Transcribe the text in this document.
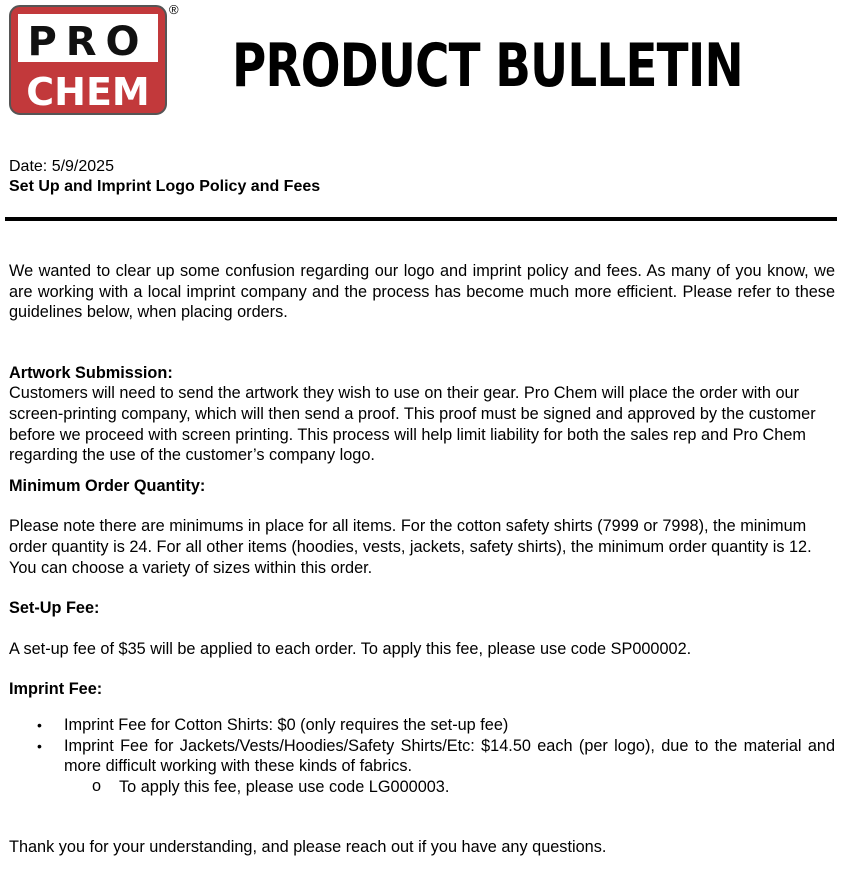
PRO
CHEM
®
PRODUCT BULLETIN
Date: 5/9/2025
Set Up and Imprint Logo Policy and Fees

We wanted to clear up some confusion regarding our logo and imprint policy and fees. As many of you know, we are working with a local imprint company and the process has become much more efficient. Please refer to these guidelines below, when placing orders.

Artwork Submission:

Customers will need to send the artwork they wish to use on their gear. Pro Chem will place the order with our screen-printing company, which will then send a proof. This proof must be signed and approved by the customer before we proceed with screen printing. This process will help limit liability for both the sales rep and Pro Chem regarding the use of the customer’s company logo.

Minimum Order Quantity:

Please note there are minimums in place for all items. For the cotton safety shirts (7999 or 7998), the minimum order quantity is 24. For all other items (hoodies, vests, jackets, safety shirts), the minimum order quantity is 12. You can choose a variety of sizes within this order.

Set-Up Fee:

A set-up fee of $35 will be applied to each order. To apply this fee, please use code SP000002.

Imprint Fee:

• Imprint Fee for Cotton Shirts: $0 (only requires the set-up fee)
• Imprint Fee for Jackets/Vests/Hoodies/Safety Shirts/Etc: $14.50 each (per logo), due to the material and more difficult working with these kinds of fabrics.
o To apply this fee, please use code LG000003.

Thank you for your understanding, and please reach out if you have any questions.
